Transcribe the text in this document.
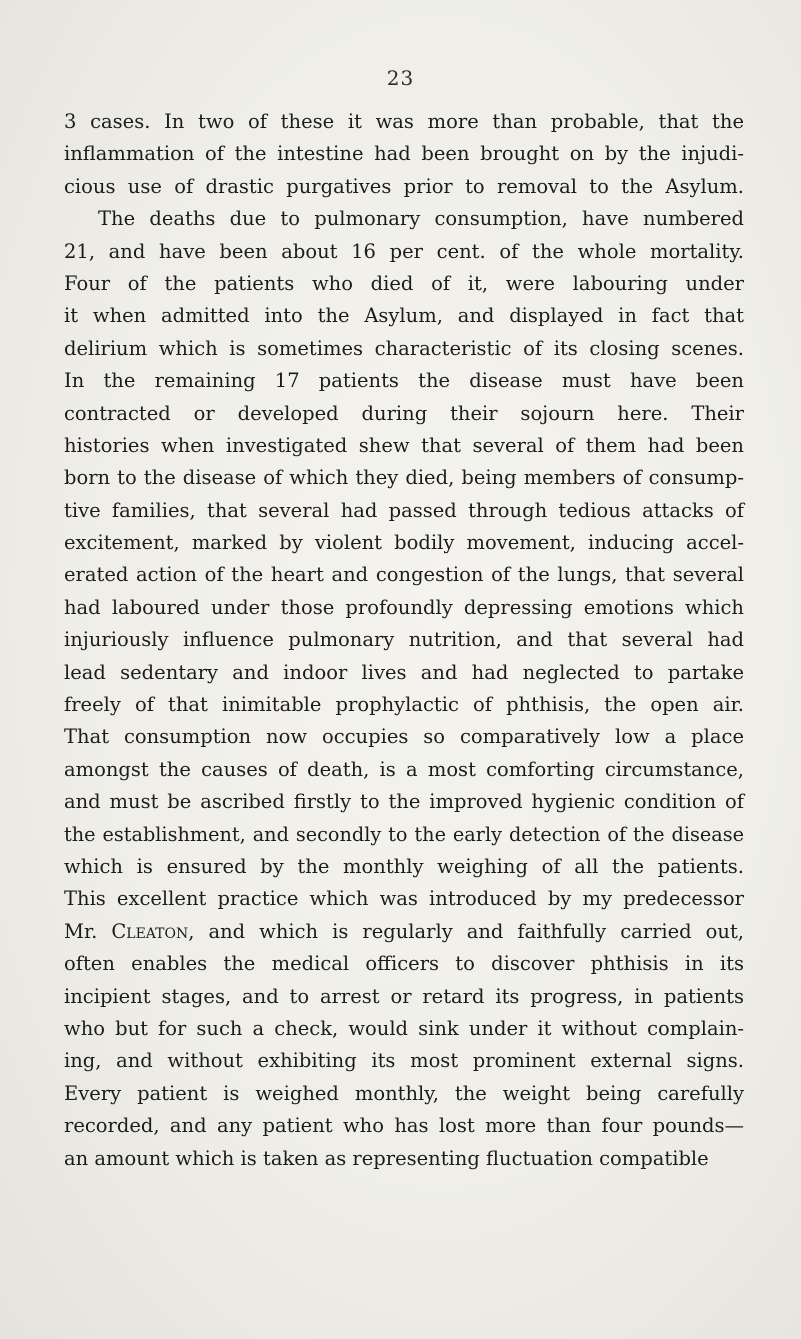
23
3 cases. In two of these it was more than probable, that the
inflammation of the intestine had been brought on by the injudi-
cious use of drastic purgatives prior to removal to the Asylum.
The deaths due to pulmonary consumption, have numbered
21, and have been about 16 per cent. of the whole mortality.
Four of the patients who died of it, were labouring under
it when admitted into the Asylum, and displayed in fact that
delirium which is sometimes characteristic of its closing scenes.
In the remaining 17 patients the disease must have been
contracted or developed during their sojourn here. Their
histories when investigated shew that several of them had been
born to the disease of which they died, being members of consump-
tive families, that several had passed through tedious attacks of
excitement, marked by violent bodily movement, inducing accel-
erated action of the heart and congestion of the lungs, that several
had laboured under those profoundly depressing emotions which
injuriously influence pulmonary nutrition, and that several had
lead sedentary and indoor lives and had neglected to partake
freely of that inimitable prophylactic of phthisis, the open air.
That consumption now occupies so comparatively low a place
amongst the causes of death, is a most comforting circumstance,
and must be ascribed firstly to the improved hygienic condition of
the establishment, and secondly to the early detection of the disease
which is ensured by the monthly weighing of all the patients.
This excellent practice which was introduced by my predecessor
Mr. Cleaton, and which is regularly and faithfully carried out,
often enables the medical officers to discover phthisis in its
incipient stages, and to arrest or retard its progress, in patients
who but for such a check, would sink under it without complain-
ing, and without exhibiting its most prominent external signs.
Every patient is weighed monthly, the weight being carefully
recorded, and any patient who has lost more than four pounds—
an amount which is taken as representing fluctuation compatible
